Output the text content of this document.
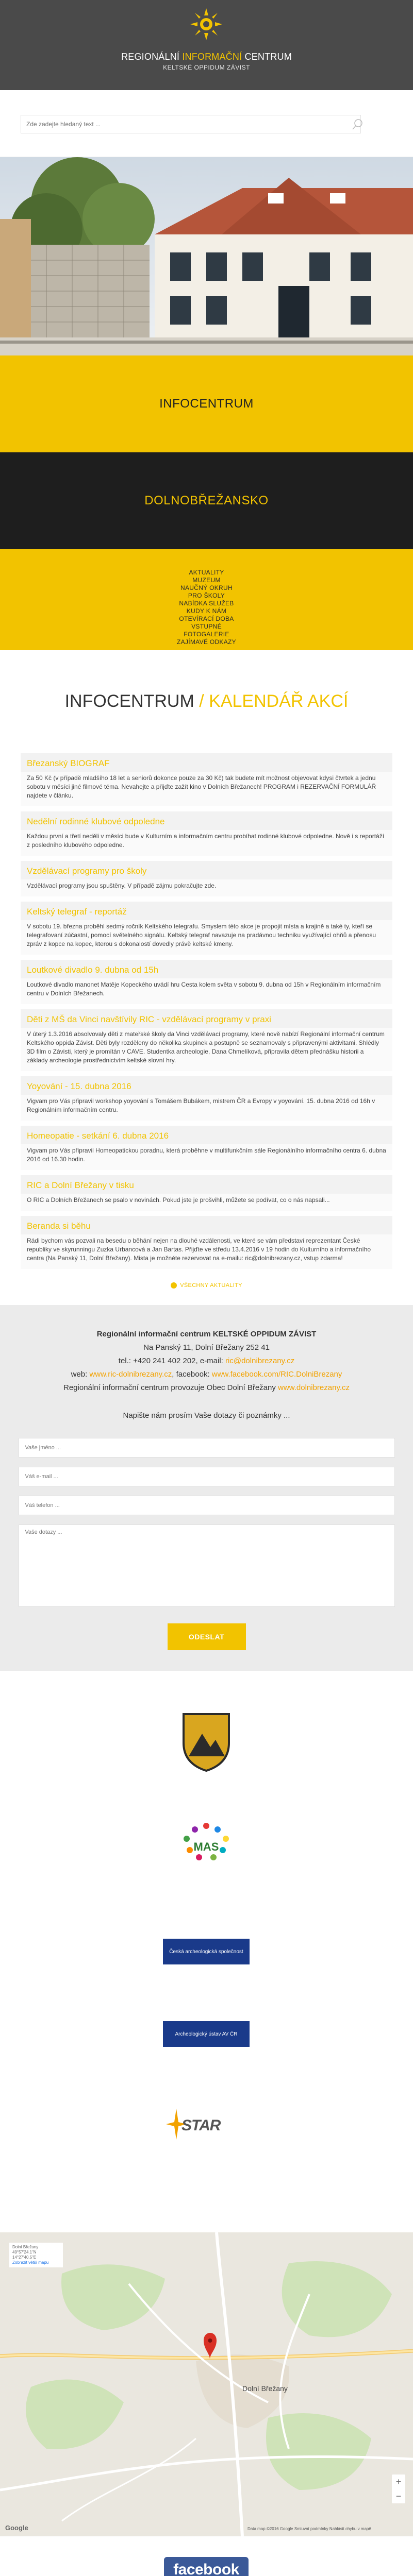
REGIONÁLNÍ INFORMAČNÍ CENTRUM
KELTSKÉ OPPIDUM ZÁVIST
Zde zadejte hledaný text ...
INFOCENTRUM
DOLNOBŘEŽANSKO
AKTUALITY
MUZEUM
NAUČNÝ OKRUH
PRO ŠKOLY
NABÍDKA SLUŽEB
KUDY K NÁM
OTEVÍRACÍ DOBA
VSTUPNÉ
FOTOGALERIE
ZAJÍMAVÉ ODKAZY
INFOCENTRUM / KALENDÁŘ AKCÍ
Březanský BIOGRAF

Za 50 Kč (v případě mladšího 18 let a seniorů dokonce pouze za 30 Kč) tak budete mít možnost objevovat kdysi čtvrtek a jednu sobotu v měsíci jiné filmové téma. Nevahejte a přijďte zažít kino v Dolních Břežanech! PROGRAM i REZERVAČNÍ FORMULÁŘ najdete v článku.

Nedělní rodinné klubové odpoledne

Každou první a třetí neděli v měsíci bude v Kulturním a informačním centru probíhat rodinné klubové odpoledne. Nově i s reportáží z posledního klubového odpoledne.

Vzdělávací programy pro školy

Vzdělávací programy jsou spuštěny. V případě zájmu pokračujte zde.

Keltský telegraf - reportáž

V sobotu 19. března proběhl sedmý ročník Keltského telegrafu. Smyslem této akce je propojit místa a krajině a také ty, kteří se telegrafovaní zúčastní, pomocí světelného signálu. Keltský telegraf navazuje na pradávnou techniku využívající ohňů a přenosu zpráv z kopce na kopec, kterou s dokonalostí dovedly právě keltské kmeny.

Loutkové divadlo 9. dubna od 15h

Loutkové divadlo manonet Matěje Kopeckého uvádí hru Cesta kolem světa v sobotu 9. dubna od 15h v Regionálním informačním centru v Dolních Břežanech.

Děti z MŠ da Vinci navštívily RIC - vzdělávací programy v praxi

V úterý 1.3.2016 absolvovaly děti z mateřské školy da Vinci vzdělávací programy, které nově nabízí Regionální informační centrum Keltského oppida Závist. Děti byly rozděleny do několika skupinek a postupně se seznamovaly s připravenými aktivitami. Shlédly 3D film o Závisti, který je promítán v CAVE. Studentka archeologie, Dana Chmelíková, připravila dětem přednášku historii a základy archeologie prostřednictvím keltské slovní hry.

Yoyování - 15. dubna 2016

Vigvam pro Vás připravil workshop yoyování s Tomášem Bubákem, mistrem ČR a Evropy v yoyování. 15. dubna 2016 od 16h v Regionálním informačním centru.

Homeopatie - setkání 6. dubna 2016

Vigvam pro Vás připravil Homeopatickou poradnu, která proběhne v multifunkčním sále Regionálního informačního centra 6. dubna 2016 od 16.30 hodin.

RIC a Dolní Břežany v tisku

O RIC a Dolních Břežanech se psalo v novinách. Pokud jste je prošvihli, můžete se podívat, co o nás napsali...

Beranda si běhu

Rádi bychom vás pozvali na besedu o běhání nejen na dlouhé vzdálenosti, ve které se vám představí reprezentant České republiky ve skyrunningu Zuzka Urbancová a Jan Bartas. Přijďte ve středu 13.4.2016 v 19 hodin do Kulturního a informačního centra (Na Panský 11, Dolní Břežany). Mista je možnéte rezervovat na e-mailu: ric@dolnibrezany.cz, vstup zdarma!

VŠECHNY AKTUALITY

Regionální informační centrum KELTSKÉ OPPIDUM ZÁVIST

Na Panský 11, Dolní Břežany 252 41

tel.: +420 241 402 202, e-mail: ric@dolnibrezany.cz

web: www.ric-dolnibrezany.cz, facebook: www.facebook.com/RIC.DolniBrezany

Regionální informační centrum provozuje Obec Dolní Břežany www.dolnibrezany.cz

Napište nám prosím Vaše dotazy či poznámky ...

Vaše jméno ...
Váš e-mail ...
Váš telefon ...
Vaše dotazy ...
ODESLAT
MAS
Česká archeologická společnost
Archeologický ústav AV ČR
STAR
Dolní Břežany
Google	Data map ©2016 Google Smluvní podmínky Nahlásit chybu v mapě
Dolní Břežany 49°57'24.1"N 14°27'40.5"E
Zobrazit větší mapu
+
−
facebook
